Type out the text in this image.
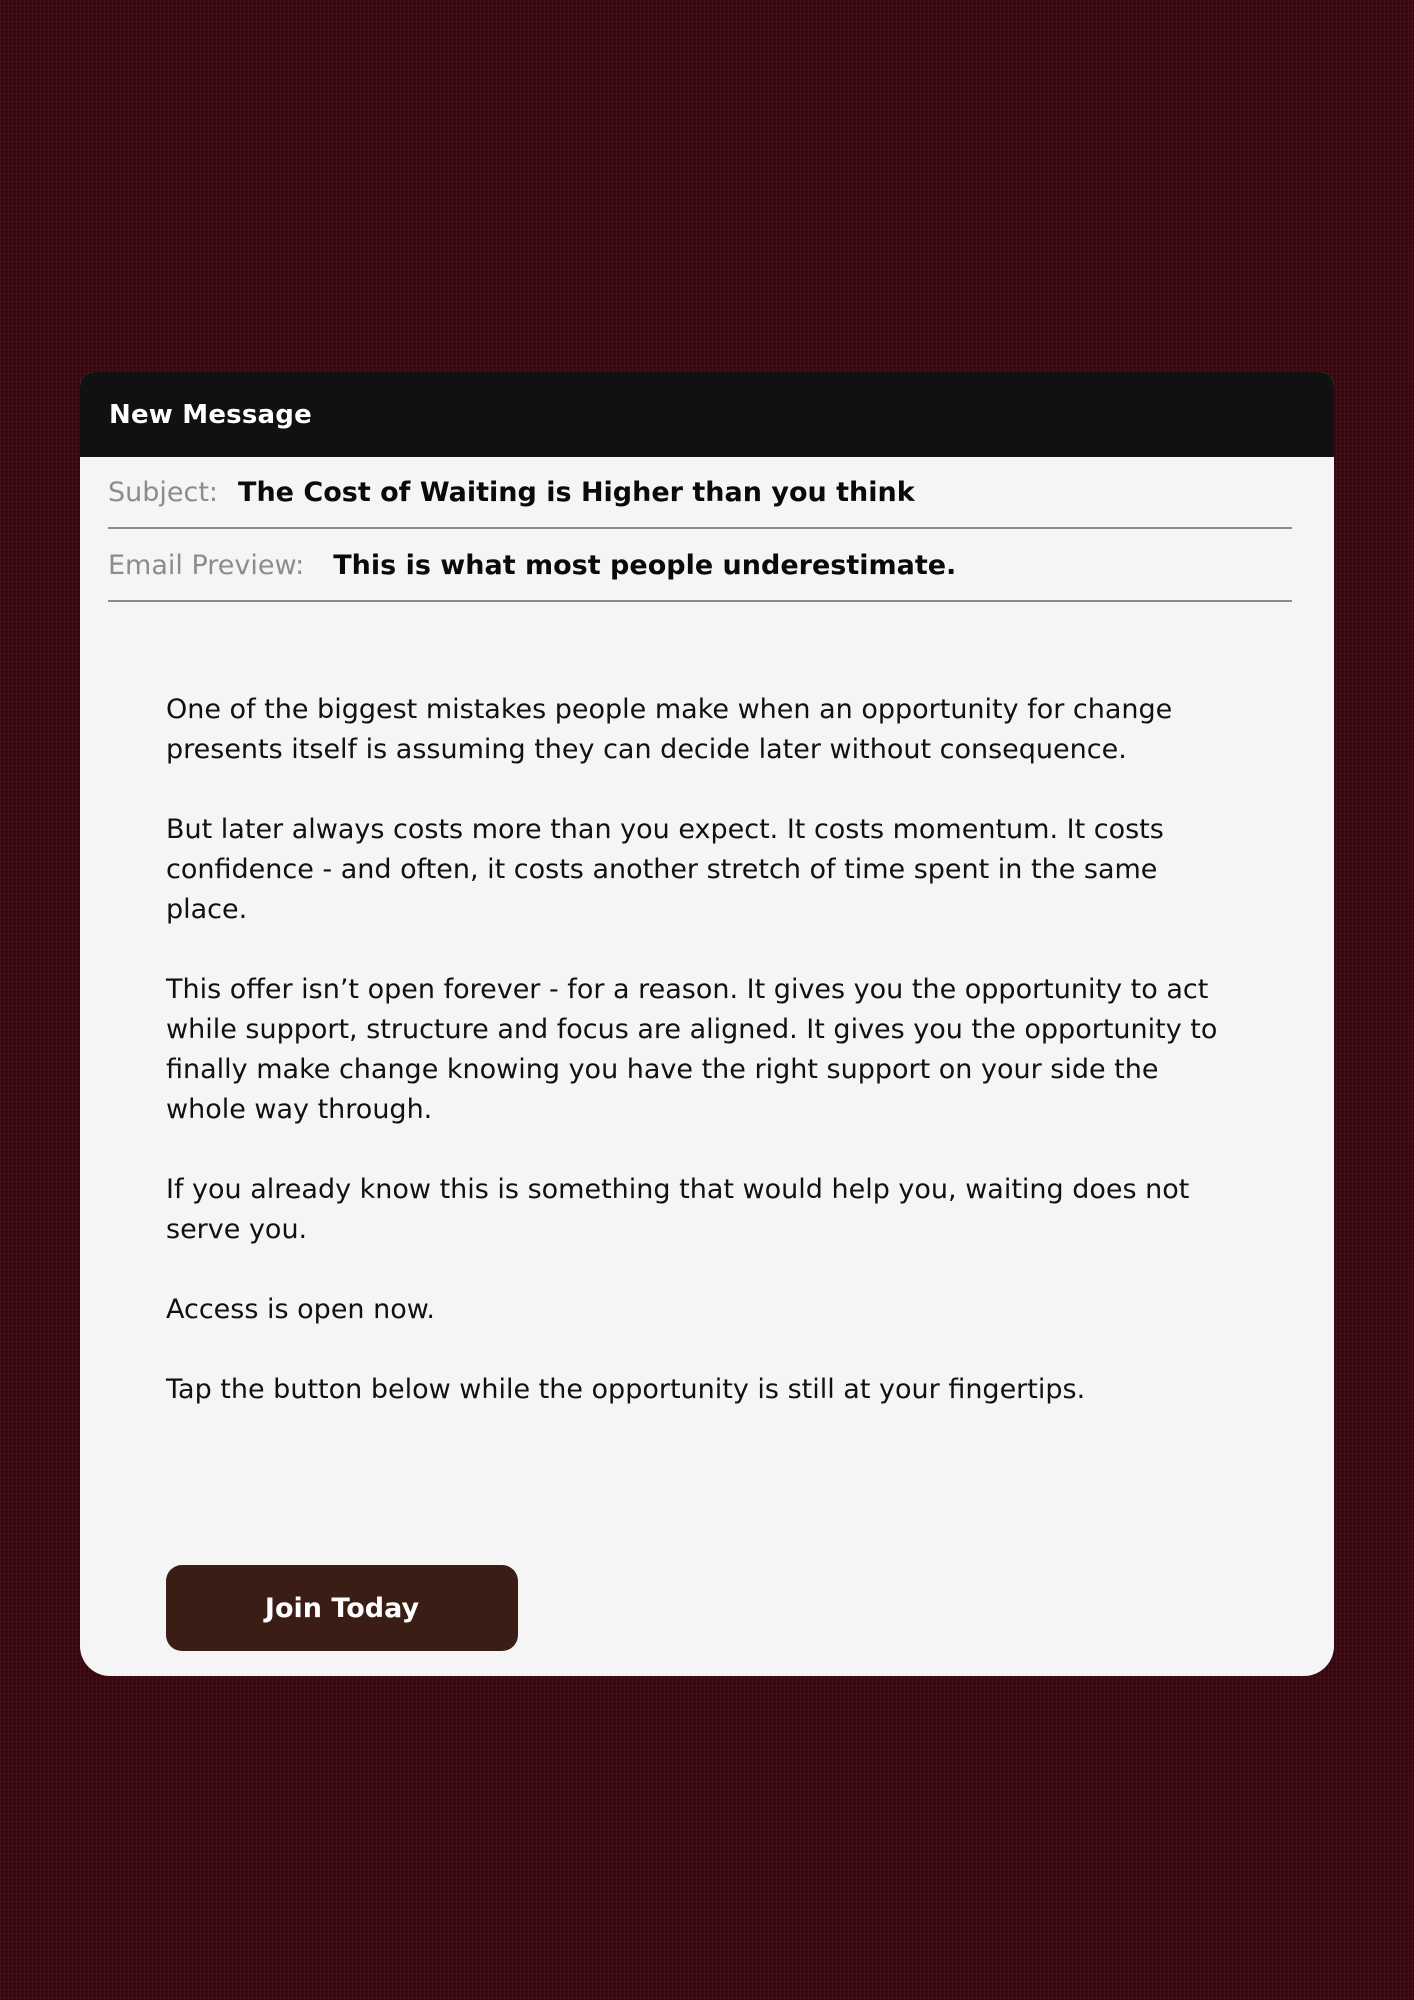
New Message
Subject: The Cost of Waiting is Higher than you think
Email Preview: This is what most people underestimate.

One of the biggest mistakes people make when an opportunity for change presents itself is assuming they can decide later without consequence.

But later always costs more than you expect. It costs momentum. It costs confidence - and often, it costs another stretch of time spent in the same place.

This offer isn’t open forever - for a reason. It gives you the opportunity to act while support, structure and focus are aligned. It gives you the opportunity to finally make change knowing you have the right support on your side the whole way through.

If you already know this is something that would help you, waiting does not serve you.

Access is open now.

Tap the button below while the opportunity is still at your fingertips.

Join Today
